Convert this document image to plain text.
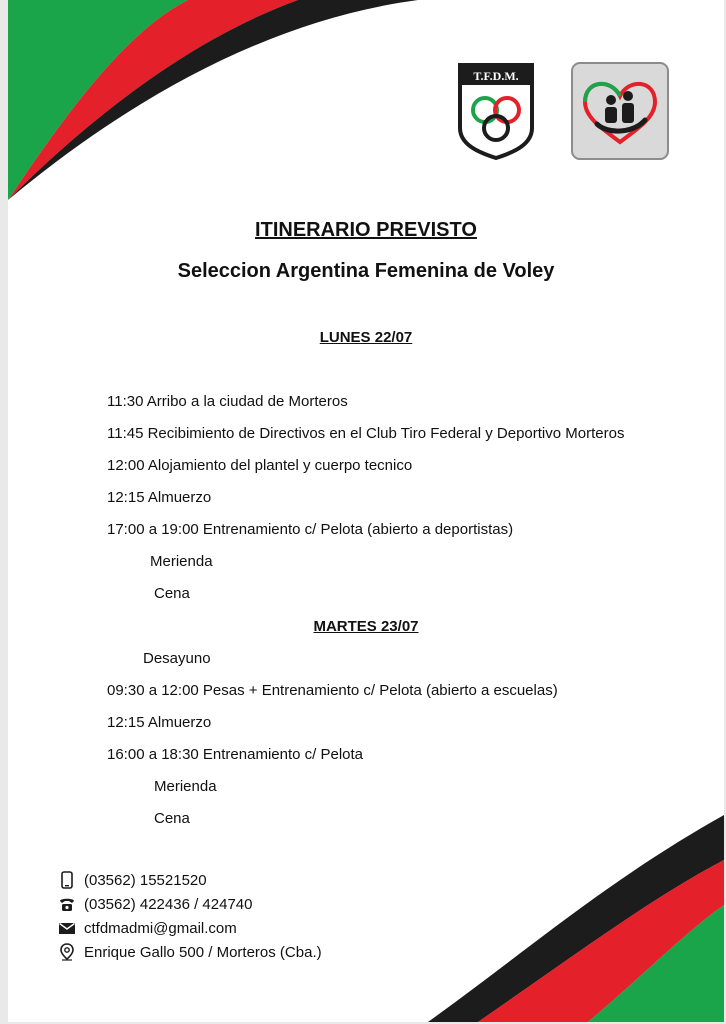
T.F.D.M.
ITINERARIO PREVISTO
Seleccion Argentina Femenina de Voley
LUNES 22/07
11:30 Arribo a la ciudad de Morteros
11:45 Recibimiento de Directivos en el Club Tiro Federal y Deportivo Morteros
12:00 Alojamiento del plantel y cuerpo tecnico
12:15 Almuerzo
17:00 a 19:00 Entrenamiento c/ Pelota (abierto a deportistas)
Merienda
Cena
MARTES 23/07
Desayuno
09:30 a 12:00 Pesas + Entrenamiento c/ Pelota (abierto a escuelas)
12:15 Almuerzo
16:00 a 18:30 Entrenamiento c/ Pelota
Merienda
Cena
(03562) 15521520
(03562) 422436 / 424740
ctfdmadmi@gmail.com
Enrique Gallo 500 / Morteros (Cba.)
